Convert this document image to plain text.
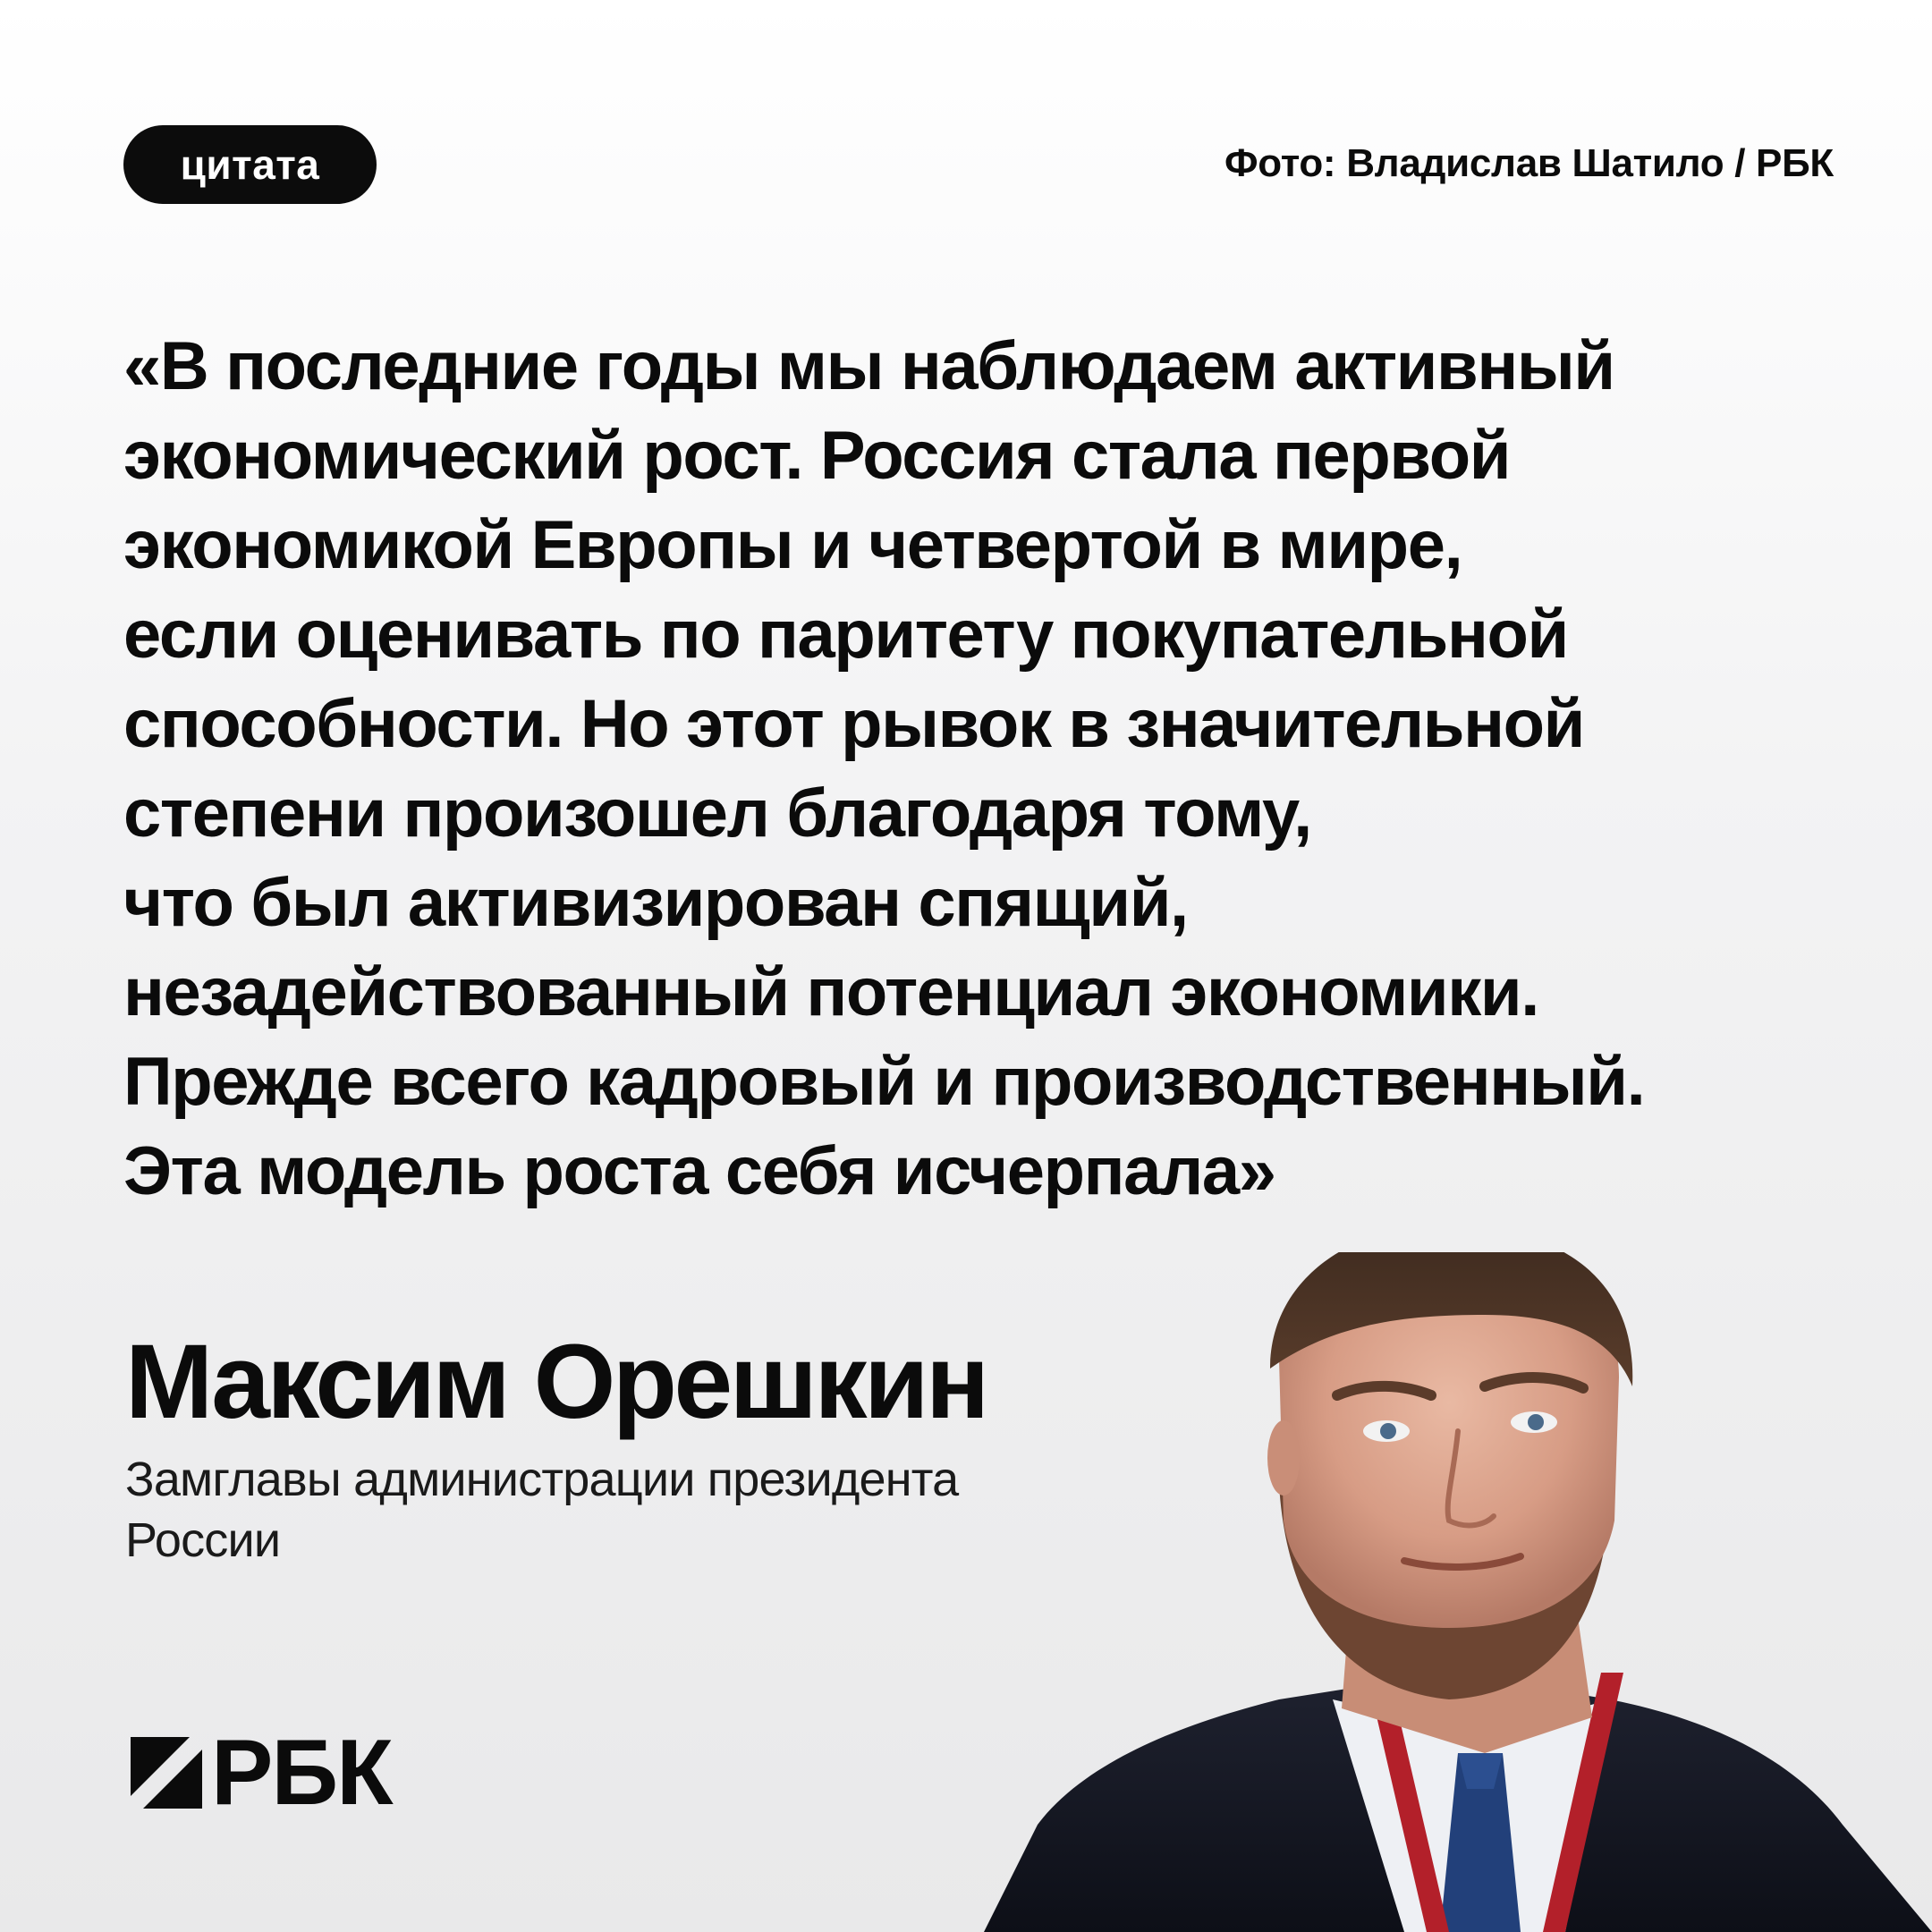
цитата	Фото: Владислав Шатило / РБК

«В последние годы мы наблюдаем активный
экономический рост. Россия стала первой
экономикой Европы и четвертой в мире,
если оценивать по паритету покупательной
способности. Но этот рывок в значительной
степени произошел благодаря тому,
что был активизирован спящий,
незадействованный потенциал экономики.
Прежде всего кадровый и производственный.
Эта модель роста себя исчерпала»

Максим Орешкин
Замглавы администрации президента
России
РБК
